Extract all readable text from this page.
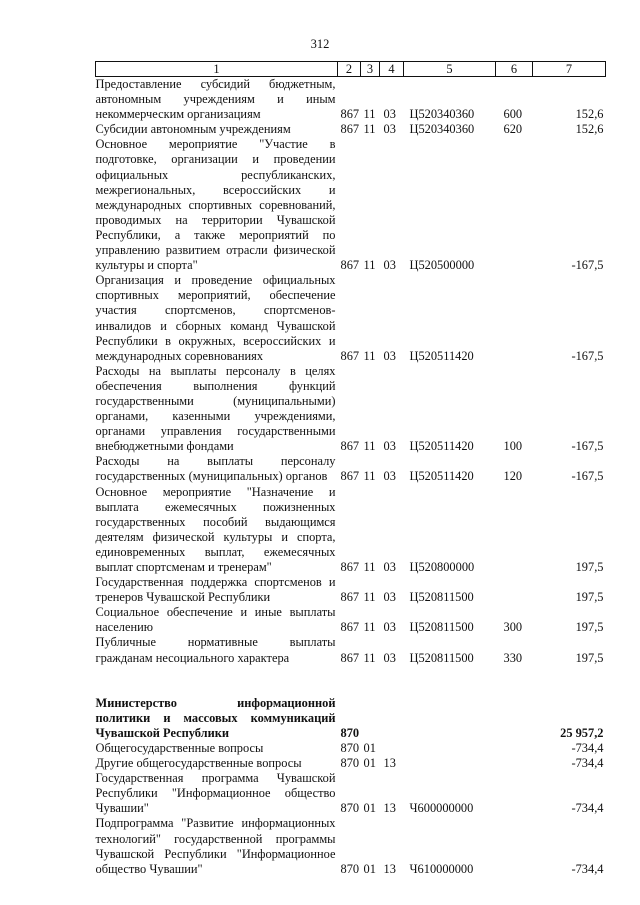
312
1	2	3	4	5	6	7
Предоставление субсидий бюджетным, автономным учреждениям и иным некоммерческим организациям	867	11	03	Ц520340360	600	152,6
Субсидии автономным учреждениям	867	11	03	Ц520340360	620	152,6
Основное мероприятие "Участие в подготовке, организации и проведении официальных республиканских, межрегиональных, всероссийских и международных спортивных соревнований, проводимых на территории Чувашской Республики, а также мероприятий по управлению развитием отрасли физической культуры и спорта"	867	11	03	Ц520500000		-167,5
Организация и проведение официальных спортивных мероприятий, обеспечение участия спортсменов, спортсменов-инвалидов и сборных команд Чувашской Республики в окружных, всероссийских и международных соревнованиях	867	11	03	Ц520511420		-167,5
Расходы на выплаты персоналу в целях обеспечения выполнения функций государственными (муниципальными) органами, казенными учреждениями, органами управления государственными внебюджетными фондами	867	11	03	Ц520511420	100	-167,5
Расходы на выплаты персоналу государственных (муниципальных) органов	867	11	03	Ц520511420	120	-167,5
Основное мероприятие "Назначение и выплата ежемесячных пожизненных государственных пособий выдающимся деятелям физической культуры и спорта, единовременных выплат, ежемесячных выплат спортсменам и тренерам"	867	11	03	Ц520800000		197,5
Государственная поддержка спортсменов и тренеров Чувашской Республики	867	11	03	Ц520811500		197,5
Социальное обеспечение и иные выплаты населению	867	11	03	Ц520811500	300	197,5
Публичные нормативные выплаты гражданам несоциального характера	867	11	03	Ц520811500	330	197,5

Министерство информационной политики и массовых коммуникаций Чувашской Республики	870					25 957,2
Общегосударственные вопросы	870	01				-734,4
Другие общегосударственные вопросы	870	01	13			-734,4
Государственная программа Чувашской Республики "Информационное общество Чувашии"	870	01	13	Ч600000000		-734,4
Подпрограмма "Развитие информационных технологий" государственной программы Чувашской Республики "Информационное общество Чувашии"	870	01	13	Ч610000000		-734,4
